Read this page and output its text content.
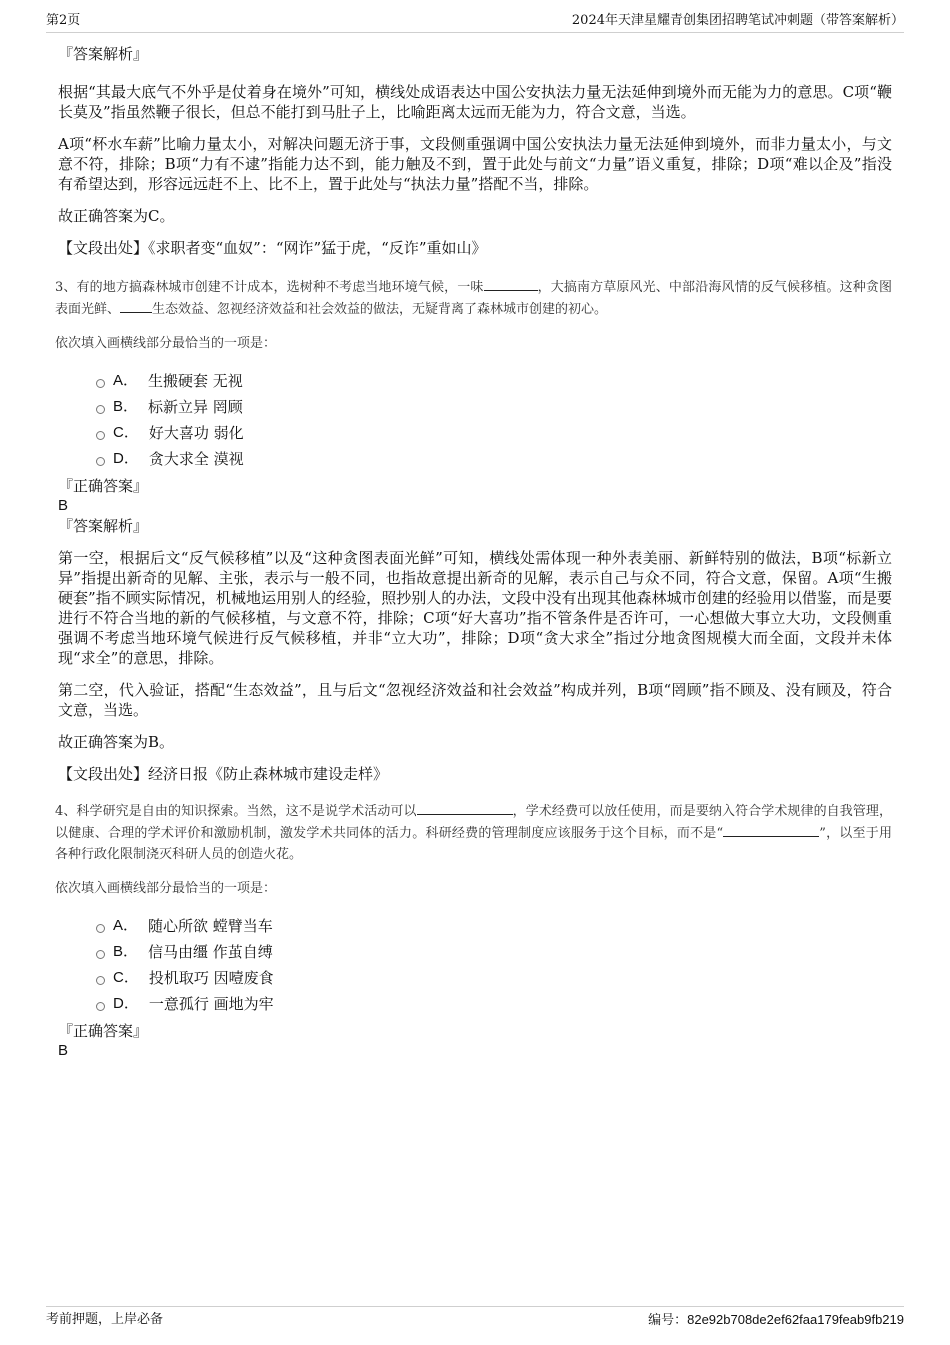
第2页	2024年天津星耀青创集团招聘笔试冲刺题（带答案解析）

『答案解析』

根据“其最大底气不外乎是仗着身在境外”可知，横线处成语表达中国公安执法力量无法延伸到境外而无能为力的意思。C项“鞭长莫及”指虽然鞭子很长，但总不能打到马肚子上，比喻距离太远而无能为力，符合文意，当选。

A项“杯水车薪”比喻力量太小，对解决问题无济于事，文段侧重强调中国公安执法力量无法延伸到境外，而非力量太小，与文意不符，排除；B项“力有不逮”指能力达不到，能力触及不到，置于此处与前文“力量”语义重复，排除；D项“难以企及”指没有希望达到，形容远远赶不上、比不上，置于此处与“执法力量”搭配不当，排除。

故正确答案为C。

【文段出处】《求职者变“血奴”：“网诈”猛于虎，“反诈”重如山》

3、有的地方搞森林城市创建不计成本，选树种不考虑当地环境气候，一味	，大搞南方草原风光、中部沿海风情的反气候移植。这种贪图表面光鲜、 生态效益、忽视经济效益和社会效益的做法，无疑背离了森林城市创建的初心。

依次填入画横线部分最恰当的一项是：

A． 生搬硬套 无视
B． 标新立异 罔顾
C． 好大喜功 弱化
D． 贪大求全 漠视

『正确答案』

B

『答案解析』

第一空，根据后文“反气候移植”以及“这种贪图表面光鲜”可知，横线处需体现一种外表美丽、新鲜特别的做法，B项“标新立异”指提出新奇的见解、主张，表示与一般不同，也指故意提出新奇的见解，表示自己与众不同，符合文意，保留。A项“生搬硬套”指不顾实际情况，机械地运用别人的经验，照抄别人的办法，文段中没有出现其他森林城市创建的经验用以借鉴，而是要进行不符合当地的新的气候移植，与文意不符，排除；C项“好大喜功”指不管条件是否许可，一心想做大事立大功，文段侧重强调不考虑当地环境气候进行反气候移植，并非“立大功”，排除；D项“贪大求全”指过分地贪图规模大而全面，文段并未体现“求全”的意思，排除。

第二空，代入验证，搭配“生态效益”，且与后文“忽视经济效益和社会效益”构成并列，B项“罔顾”指不顾及、没有顾及，符合文意，当选。

故正确答案为B。

【文段出处】经济日报《防止森林城市建设走样》

4、科学研究是自由的知识探索。当然，这不是说学术活动可以	，学术经费可以放任使用，而是要纳入符合学术规律的自我管理，以健康、合理的学术评价和激励机制，激发学术共同体的活力。科研经费的管理制度应该服务于这个目标，而不是“	”，以至于用各种行政化限制浇灭科研人员的创造火花。

依次填入画横线部分最恰当的一项是：

A． 随心所欲 螳臂当车
B． 信马由缰 作茧自缚
C． 投机取巧 因噎废食
D． 一意孤行 画地为牢

『正确答案』

B

考前押题，上岸必备	编号：82e92b708de2ef62faa179feab9fb219
